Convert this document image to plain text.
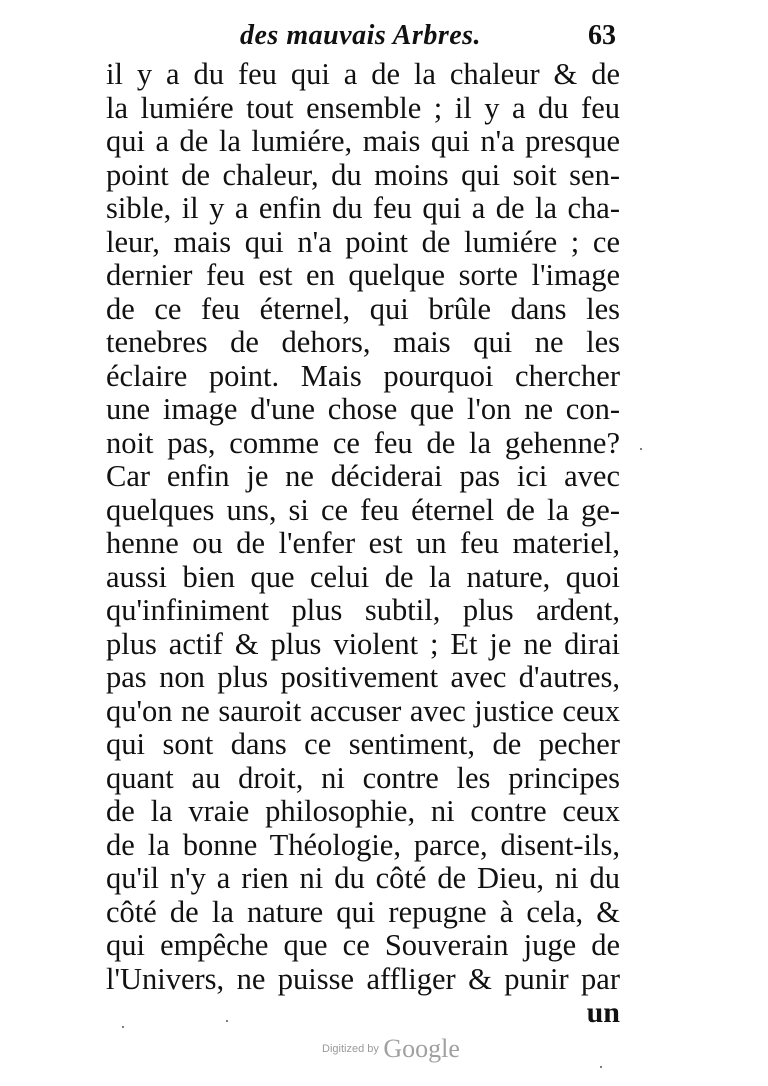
des mauvais Arbres.	63
il y a du feu qui a de la chaleur & de
la lumiére tout ensemble ; il y a du feu
qui a de la lumiére, mais qui n'a presque
point de chaleur, du moins qui soit sen-
sible, il y a enfin du feu qui a de la cha-
leur, mais qui n'a point de lumiére ; ce
dernier feu est en quelque sorte l'image
de ce feu éternel, qui brûle dans les
tenebres de dehors, mais qui ne les
éclaire point. Mais pourquoi chercher
une image d'une chose que l'on ne con-
noit pas, comme ce feu de la gehenne?
Car enfin je ne déciderai pas ici avec
quelques uns, si ce feu éternel de la ge-
henne ou de l'enfer est un feu materiel,
aussi bien que celui de la nature, quoi
qu'infiniment plus subtil, plus ardent,
plus actif & plus violent ; Et je ne dirai
pas non plus positivement avec d'autres,
qu'on ne sauroit accuser avec justice ceux
qui sont dans ce sentiment, de pecher
quant au droit, ni contre les principes
de la vraie philosophie, ni contre ceux
de la bonne Théologie, parce, disent-ils,
qu'il n'y a rien ni du côté de Dieu, ni du
côté de la nature qui repugne à cela, &
qui empêche que ce Souverain juge de
l'Univers, ne puisse affliger & punir par
un
Digitized by Google
